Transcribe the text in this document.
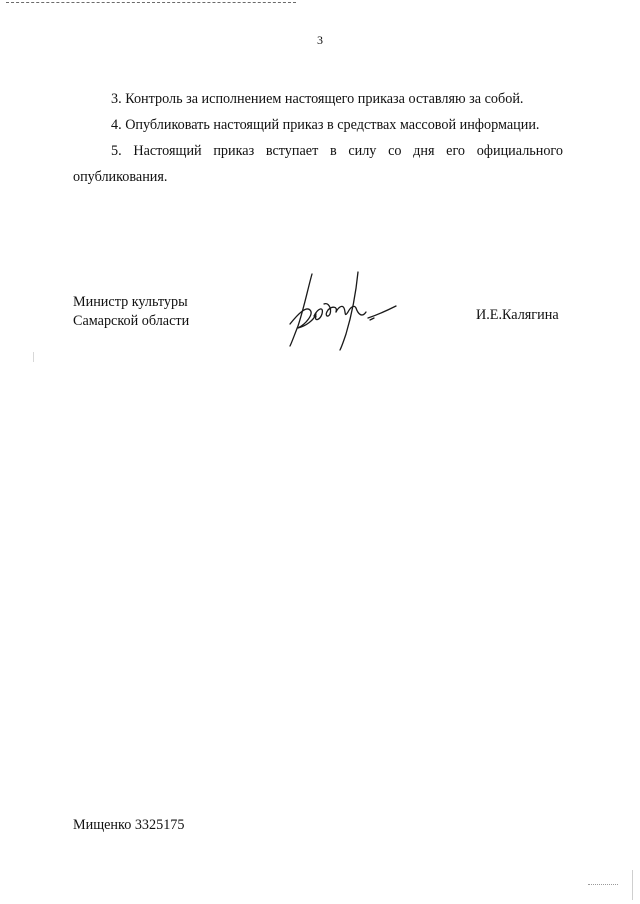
3

3. Контроль за исполнением настоящего приказа оставляю за собой.

4. Опубликовать настоящий приказ в средствах массовой информации.

5. Настоящий приказ вступает в силу со дня его официального опубликования.

Министр культуры
Самарской области	И.Е.Калягина
Мищенко 3325175
